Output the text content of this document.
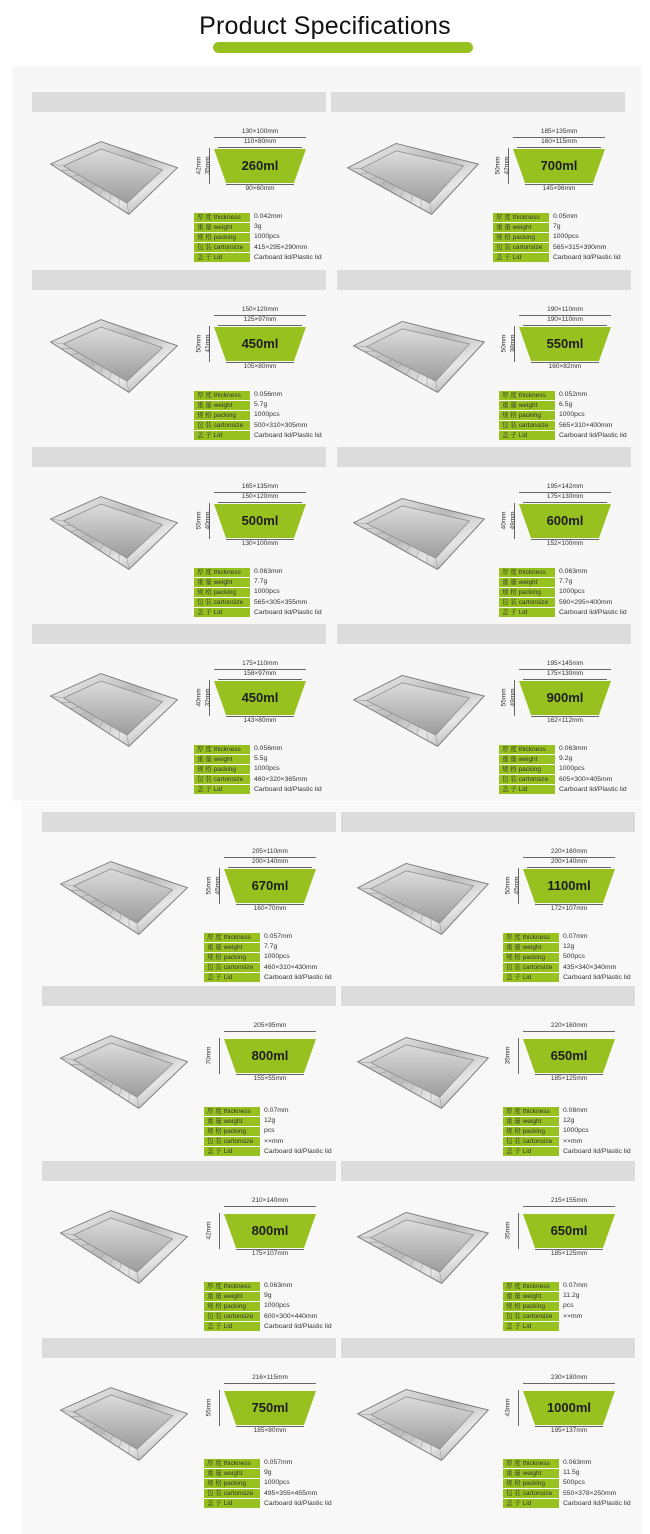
Product Specifications
130×100mm
110×80mm
260ml
90×60mm
42mm 35mm
厚 度 thickness	0.042mm
重 量 weight	3g
规 格 packing	1000pcs
包 装 cartonsize	415×295×290mm
盖 子 Lid	Carboard lid/Plastic lid
185×135mm
160×115mm
700ml
145×96mm
50mm 42mm
厚 度 thickness	0.05mm
重 量 weight	7g
规 格 packing	1000pcs
包 装 cartonsize	565×315×390mm
盖 子 Lid	Carboard lid/Plastic lid
150×120mm
125×97mm
450ml
105×80mm
50mm 41mm
厚 度 thickness	0.056mm
重 量 weight	5.7g
规 格 packing	1000pcs
包 装 cartonsize	500×310×305mm
盖 子 Lid	Carboard lid/Plastic lid
190×110mm
190×110mm
550ml
160×82mm
50mm 38mm
厚 度 thickness	0.052mm
重 量 weight	6.5g
规 格 packing	1000pcs
包 装 cartonsize	565×310×400mm
盖 子 Lid	Carboard lid/Plastic lid
165×135mm
150×120mm
500ml
130×100mm
55mm 40mm
厚 度 thickness	0.063mm
重 量 weight	7.7g
规 格 packing	1000pcs
包 装 cartonsize	565×305×355mm
盖 子 Lid	Carboard lid/Plastic lid
195×142mm
175×130mm
600ml
152×100mm
40mm 49mm
厚 度 thickness	0.063mm
重 量 weight	7.7g
规 格 packing	1000pcs
包 装 cartonsize	590×295×400mm
盖 子 Lid	Carboard lid/Plastic lid
175×110mm
158×97mm
450ml
143×80mm
40mm 32mm
厚 度 thickness	0.056mm
重 量 weight	5.5g
规 格 packing	1000pcs
包 装 cartonsize	460×320×365mm
盖 子 Lid	Carboard lid/Plastic lid
195×145mm
175×130mm
900ml
162×112mm
55mm 49mm
厚 度 thickness	0.063mm
重 量 weight	9.2g
规 格 packing	1000pcs
包 装 cartonsize	605×300×405mm
盖 子 Lid	Carboard lid/Plastic lid
205×110mm
200×140mm
670ml
160×70mm
55mm 45mm
厚 度 thickness	0.057mm
重 量 weight	7.7g
规 格 packing	1000pcs
包 装 cartonsize	460×310×430mm
盖 子 Lid	Carboard lid/Plastic lid
220×160mm
200×140mm
1100ml
172×107mm
50mm 45mm
厚 度 thickness	0.07mm
重 量 weight	12g
规 格 packing	500pcs
包 装 cartonsize	435×340×340mm
盖 子 Lid	Carboard lid/Plastic lid
205×95mm
800ml
155×55mm
70mm
厚 度 thickness	0.07mm
重 量 weight	12g
规 格 packing	pcs
包 装 cartonsize	××mm
盖 子 Lid	Carboard lid/Plastic lid
220×160mm
650ml
185×125mm
35mm
厚 度 thickness	0.08mm
重 量 weight	12g
规 格 packing	1000pcs
包 装 cartonsize	××mm
盖 子 Lid	Carboard lid/Plastic lid
210×140mm
800ml
175×107mm
42mm
厚 度 thickness	0.063mm
重 量 weight	9g
规 格 packing	1000pcs
包 装 cartonsize	600×300×440mm
盖 子 Lid	Carboard lid/Plastic lid
215×155mm
650ml
185×125mm
35mm
厚 度 thickness	0.07mm
重 量 weight	11.2g
规 格 packing	pcs
包 装 cartonsize	××mm
盖 子 Lid
216×115mm
750ml
185×80mm
55mm
厚 度 thickness	0.057mm
重 量 weight	9g
规 格 packing	1000pcs
包 装 cartonsize	495×355×455mm
盖 子 Lid	Carboard lid/Plastic lid
230×180mm
1000ml
195×137mm
43mm
厚 度 thickness	0.063mm
重 量 weight	11.5g
规 格 packing	500pcs
包 装 cartonsize	550×378×250mm
盖 子 Lid	Carboard lid/Plastic lid
